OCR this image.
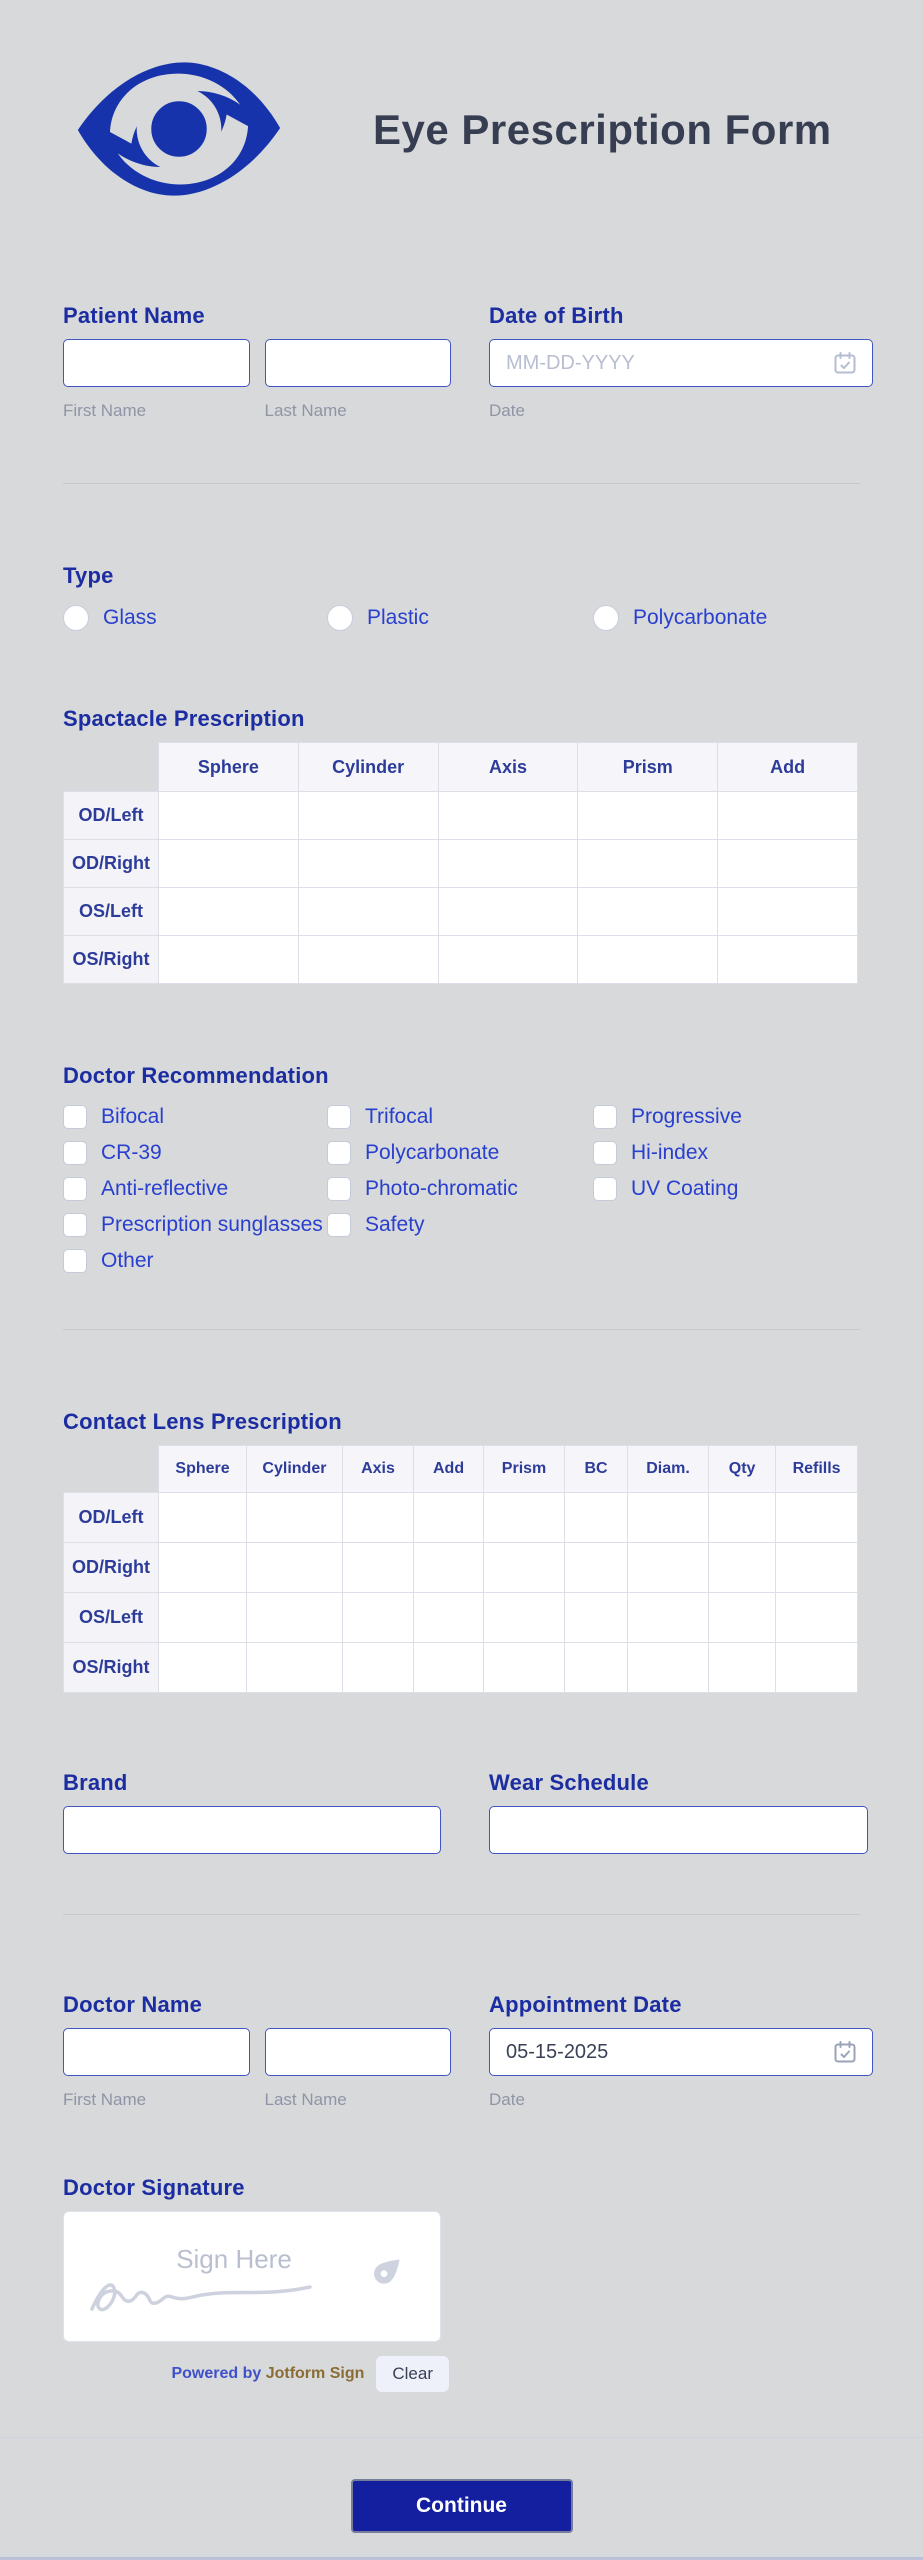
Eye Prescription Form
Patient Name
First Name	Last Name
Date of Birth
MM-DD-YYYY
Date
Type
Glass	Plastic	Polycarbonate
Spactacle Prescription
	Sphere	Cylinder	Axis	Prism	Add
OD/Left					
OD/Right					
OS/Left					
OS/Right					
Doctor Recommendation
Bifocal	Trifocal	Progressive
CR-39	Polycarbonate	Hi-index
Anti-reflective	Photo-chromatic	UV Coating
Prescription sunglasses Safety
Other
Contact Lens Prescription
	Sphere	Cylinder	Axis	Add	Prism	BC	Diam.	Qty	Refills
OD/Left									
OD/Right									
OS/Left									
OS/Right									
Brand	Wear Schedule
Doctor Name
First Name	Last Name
Appointment Date
05-15-2025
Date
Doctor Signature
Sign Here
Powered by Jotform Sign	Clear
Continue
